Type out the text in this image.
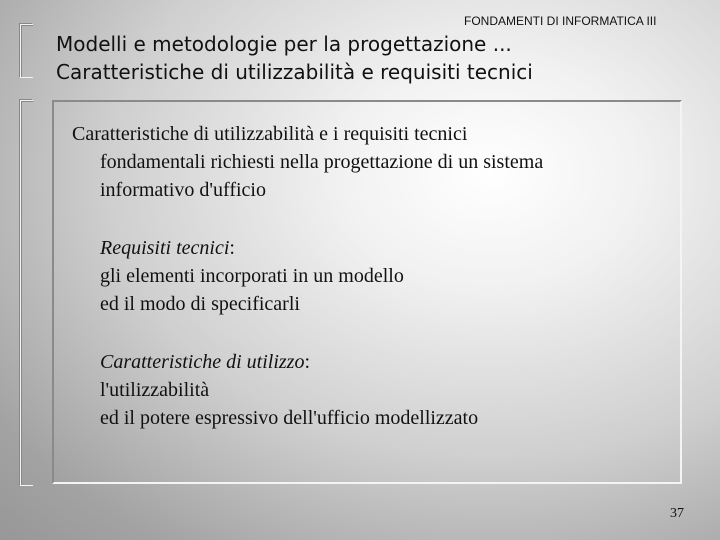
FONDAMENTI DI INFORMATICA III
Modelli e metodologie per la progettazione ...
Caratteristiche di utilizzabilità e requisiti tecnici
Caratteristiche di utilizzabilità e i requisiti tecnici
fondamentali richiesti nella progettazione di un sistema
informativo d'ufficio
Requisiti tecnici:
gli elementi incorporati in un modello
ed il modo di specificarli
Caratteristiche di utilizzo:
l'utilizzabilità
ed il potere espressivo dell'ufficio modellizzato
37
